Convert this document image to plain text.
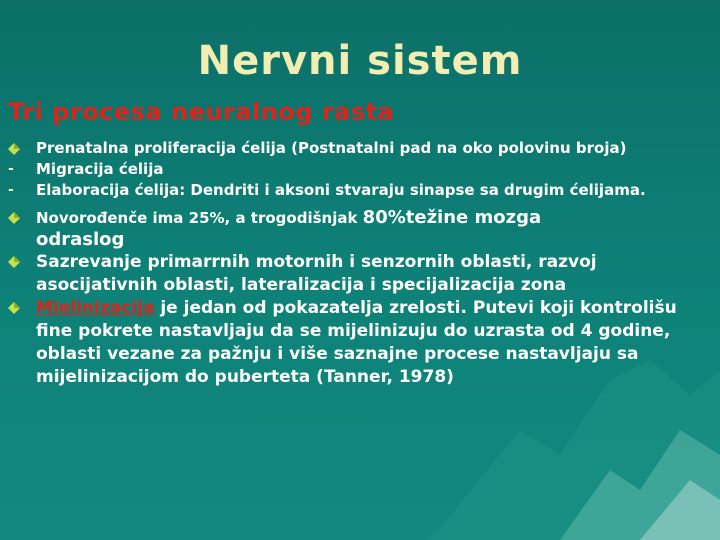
Nervni sistem
Tri procesa neuralnog rasta
Prenatalna proliferacija ćelija (Postnatalni pad na oko polovinu broja)
- Migracija ćelija
- Elaboracija ćelija: Dendriti i aksoni stvaraju sinapse sa drugim ćelijama.
Novorođenče ima 25%, a trogodišnjak 80%težine mozga
odraslog
Sazrevanje primarrnih motornih i senzornih oblasti, razvoj asocijativnih oblasti, lateralizacija i specijalizacija zona
Mielinizacija je jedan od pokazatelja zrelosti. Putevi koji kontrolišu fine pokrete nastavljaju da se mijelinizuju do uzrasta od 4 godine, oblasti vezane za pažnju i više saznajne procese nastavljaju sa mijelinizacijom do puberteta (Tanner, 1978)
